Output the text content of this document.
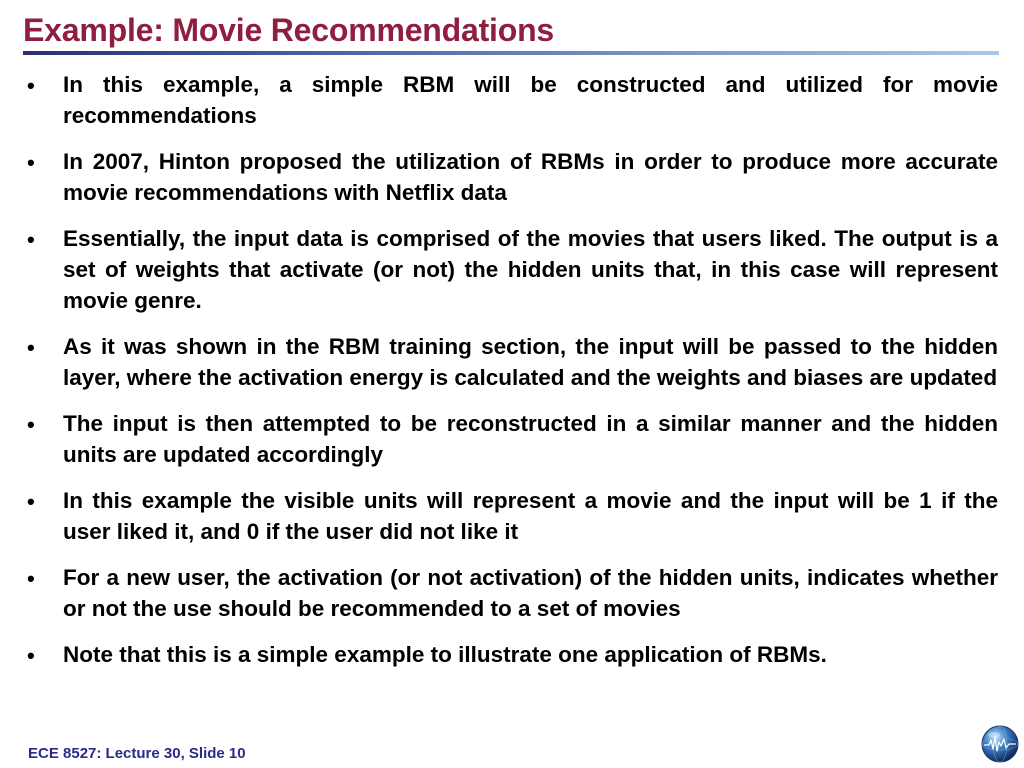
Example: Movie Recommendations
• In this example, a simple RBM will be constructed and utilized for movie recommendations
• In 2007, Hinton proposed the utilization of RBMs in order to produce more accurate movie recommendations with Netflix data
• Essentially, the input data is comprised of the movies that users liked. The output is a set of weights that activate (or not) the hidden units that, in this case will represent movie genre.
• As it was shown in the RBM training section, the input will be passed to the hidden layer, where the activation energy is calculated and the weights and biases are updated
• The input is then attempted to be reconstructed in a similar manner and the hidden units are updated accordingly
• In this example the visible units will represent a movie and the input will be 1 if the user liked it, and 0 if the user did not like it
• For a new user, the activation (or not activation) of the hidden units, indicates whether or not the use should be recommended to a set of movies
• Note that this is a simple example to illustrate one application of RBMs.
ECE 8527: Lecture 30, Slide 10
